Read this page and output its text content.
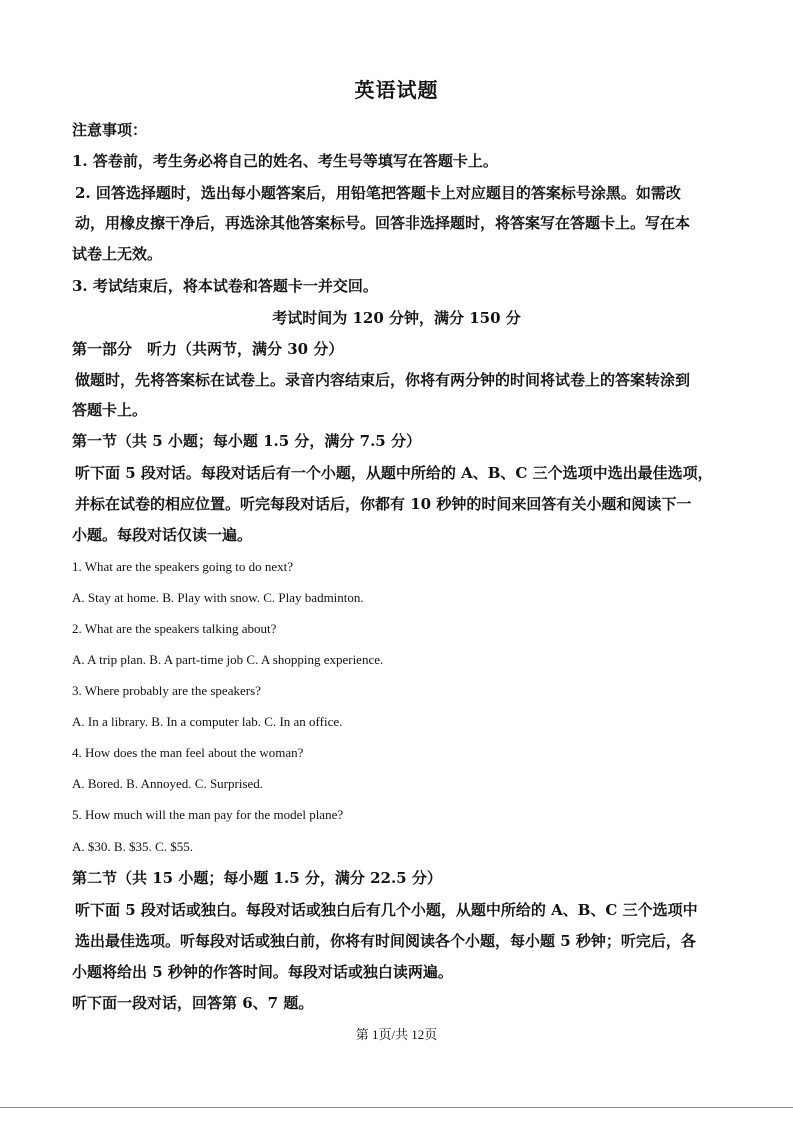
英语试题
注意事项：
1. 答卷前，考生务必将自己的姓名、考生号等填写在答题卡上。
2. 回答选择题时，选出每小题答案后，用铅笔把答题卡上对应题目的答案标号涂黑。如需改
动，用橡皮擦干净后，再选涂其他答案标号。回答非选择题时，将答案写在答题卡上。写在本
试卷上无效。
3. 考试结束后，将本试卷和答题卡一并交回。
考试时间为 120 分钟，满分 150 分
第一部分　听力（共两节，满分 30 分）
做题时，先将答案标在试卷上。录音内容结束后，你将有两分钟的时间将试卷上的答案转涂到
答题卡上。
第一节（共 5 小题；每小题 1.5 分，满分 7.5 分）
听下面 5 段对话。每段对话后有一个小题，从题中所给的 A、B、C 三个选项中选出最佳选项，
并标在试卷的相应位置。听完每段对话后，你都有 10 秒钟的时间来回答有关小题和阅读下一
小题。每段对话仅读一遍。
1. What are the speakers going to do next?
A. Stay at home. B. Play with snow. C. Play badminton.
2. What are the speakers talking about?
A. A trip plan. B. A part-time job C. A shopping experience.
3. Where probably are the speakers?
A. In a library. B. In a computer lab. C. In an office.
4. How does the man feel about the woman?
A. Bored. B. Annoyed. C. Surprised.
5. How much will the man pay for the model plane?
A. $30. B. $35. C. $55.
第二节（共 15 小题；每小题 1.5 分，满分 22.5 分）
听下面 5 段对话或独白。每段对话或独白后有几个小题，从题中所给的 A、B、C 三个选项中
选出最佳选项。听每段对话或独白前，你将有时间阅读各个小题，每小题 5 秒钟；听完后，各
小题将给出 5 秒钟的作答时间。每段对话或独白读两遍。
听下面一段对话，回答第 6、7 题。
第 1页/共 12页
